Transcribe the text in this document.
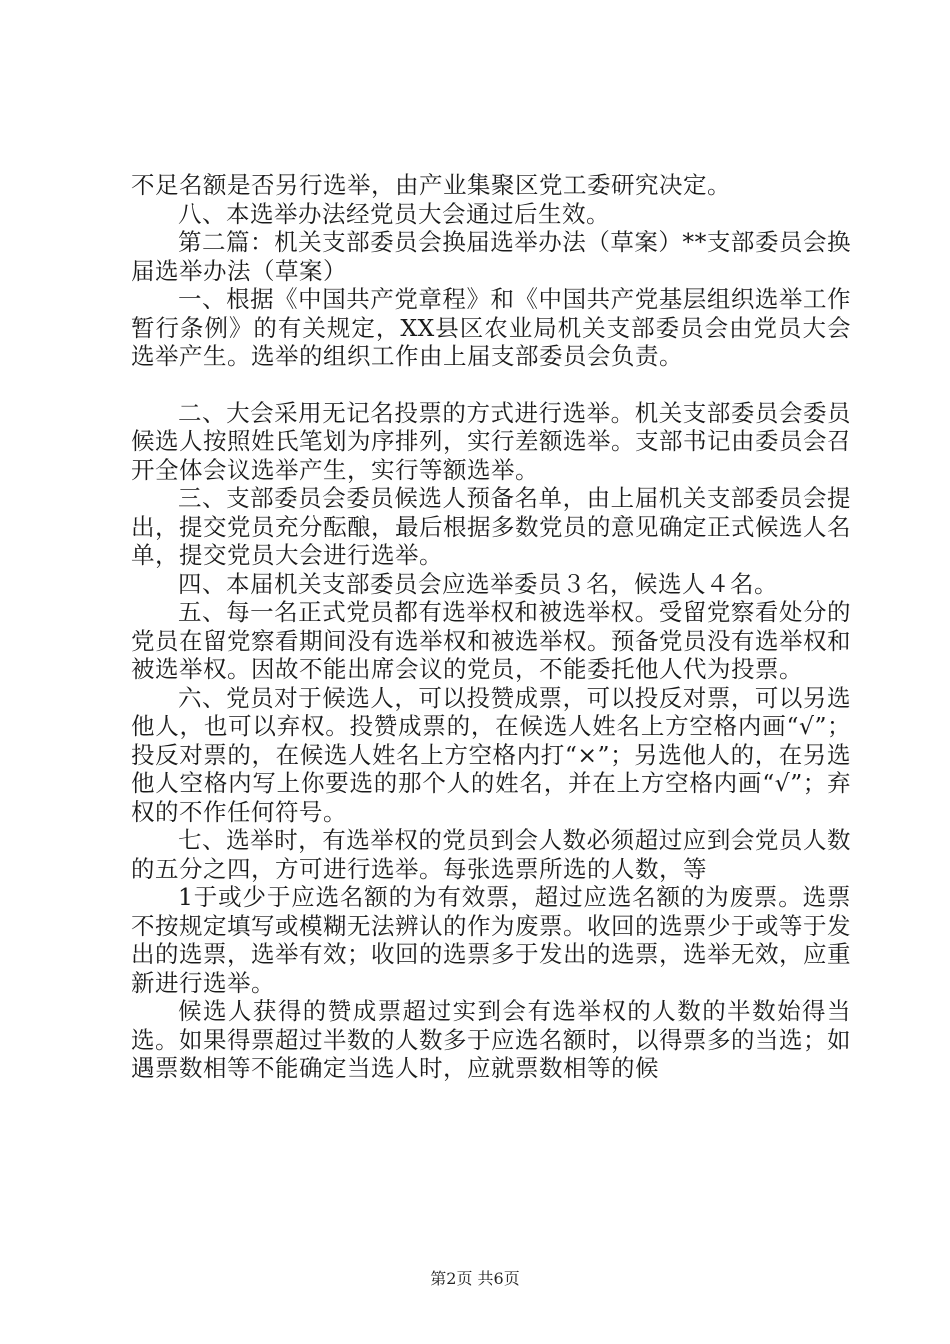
不足名额是否另行选举，由产业集聚区党工委研究决定。

八、本选举办法经党员大会通过后生效。

第二篇：机关支部委员会换届选举办法（草案）**支部委员会换届选举办法（草案）

一、根据《中国共产党章程》和《中国共产党基层组织选举工作暂行条例》的有关规定，XX县区农业局机关支部委员会由党员大会选举产生。选举的组织工作由上届支部委员会负责。

二、大会采用无记名投票的方式进行选举。机关支部委员会委员候选人按照姓氏笔划为序排列，实行差额选举。支部书记由委员会召开全体会议选举产生，实行等额选举。

三、支部委员会委员候选人预备名单，由上届机关支部委员会提出，提交党员充分酝酿，最后根据多数党员的意见确定正式候选人名单，提交党员大会进行选举。

四、本届机关支部委员会应选举委员３名，候选人４名。

五、每一名正式党员都有选举权和被选举权。受留党察看处分的党员在留党察看期间没有选举权和被选举权。预备党员没有选举权和被选举权。因故不能出席会议的党员，不能委托他人代为投票。

六、党员对于候选人，可以投赞成票，可以投反对票，可以另选他人，也可以弃权。投赞成票的，在候选人姓名上方空格内画“√”；投反对票的，在候选人姓名上方空格内打“×”；另选他人的，在另选他人空格内写上你要选的那个人的姓名，并在上方空格内画“√”；弃权的不作任何符号。

七、选举时，有选举权的党员到会人数必须超过应到会党员人数的五分之四，方可进行选举。每张选票所选的人数，等

1于或少于应选名额的为有效票，超过应选名额的为废票。选票不按规定填写或模糊无法辨认的作为废票。收回的选票少于或等于发出的选票，选举有效；收回的选票多于发出的选票，选举无效，应重新进行选举。

候选人获得的赞成票超过实到会有选举权的人数的半数始得当选。如果得票超过半数的人数多于应选名额时，以得票多的当选；如遇票数相等不能确定当选人时，应就票数相等的候

第2页 共6页
